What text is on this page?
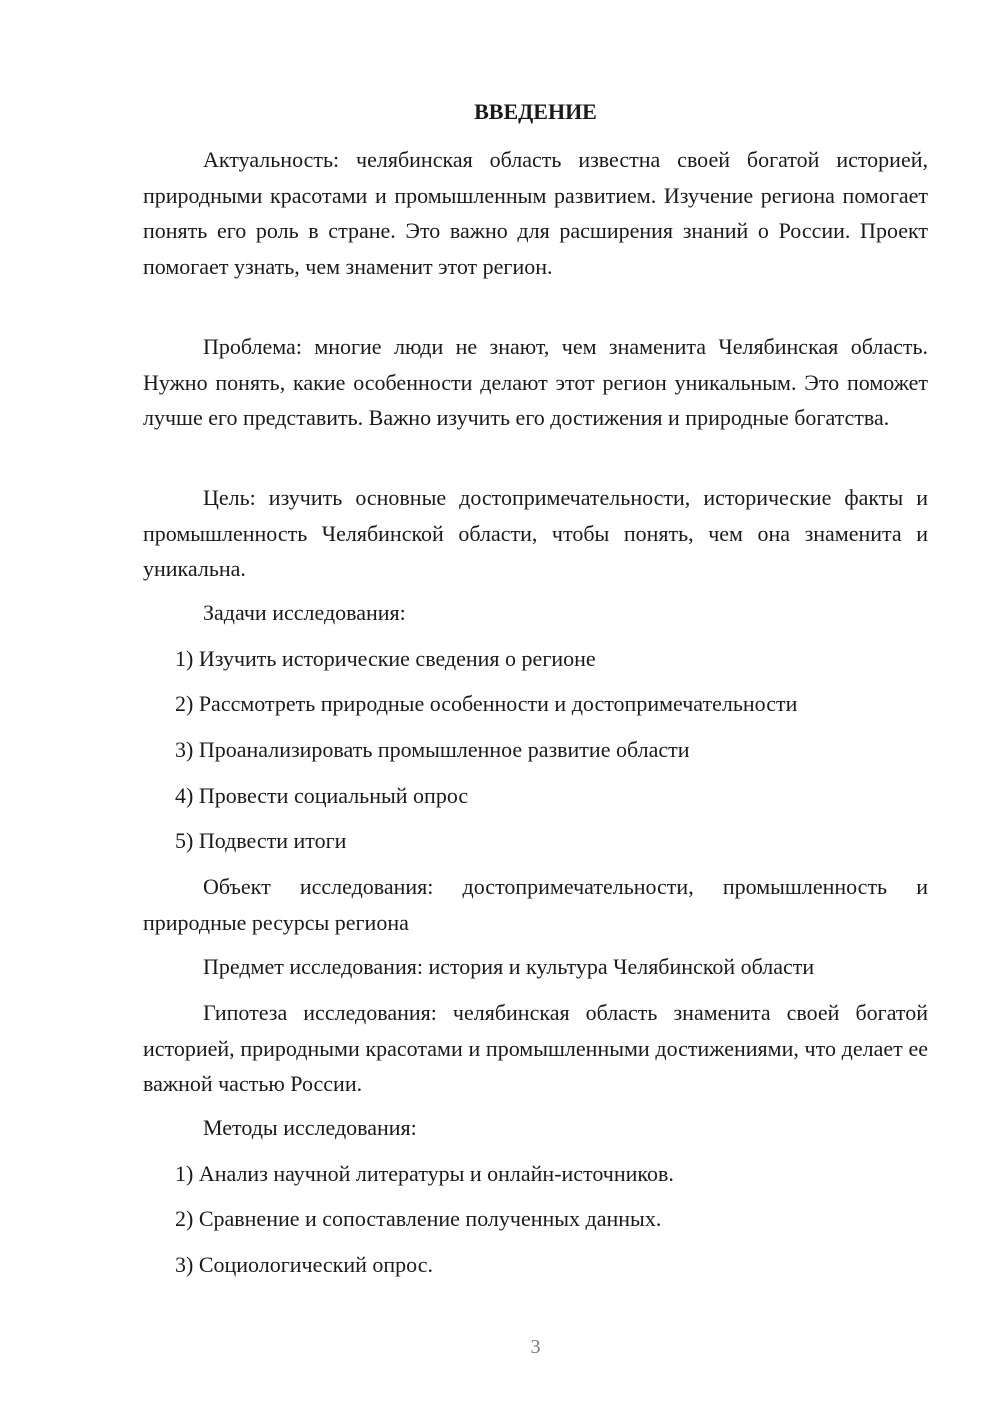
ВВЕДЕНИЕ

Актуальность: челябинская область известна своей богатой историей, природными красотами и промышленным развитием. Изучение региона помогает понять его роль в стране. Это важно для расширения знаний о России. Проект помогает узнать, чем знаменит этот регион.

Проблема: многие люди не знают, чем знаменита Челябинская область. Нужно понять, какие особенности делают этот регион уникальным. Это поможет лучше его представить. Важно изучить его достижения и природные богатства.

Цель: изучить основные достопримечательности, исторические факты и промышленность Челябинской области, чтобы понять, чем она знаменита и уникальна.

Задачи исследования:

1) Изучить исторические сведения о регионе

2) Рассмотреть природные особенности и достопримечательности

3) Проанализировать промышленное развитие области

4) Провести социальный опрос

5) Подвести итоги

Объект исследования: достопримечательности, промышленность и природные ресурсы региона

Предмет исследования: история и культура Челябинской области

Гипотеза исследования: челябинская область знаменита своей богатой историей, природными красотами и промышленными достижениями, что делает ее важной частью России.

Методы исследования:

1) Анализ научной литературы и онлайн-источников.

2) Сравнение и сопоставление полученных данных.

3) Социологический опрос.

3
